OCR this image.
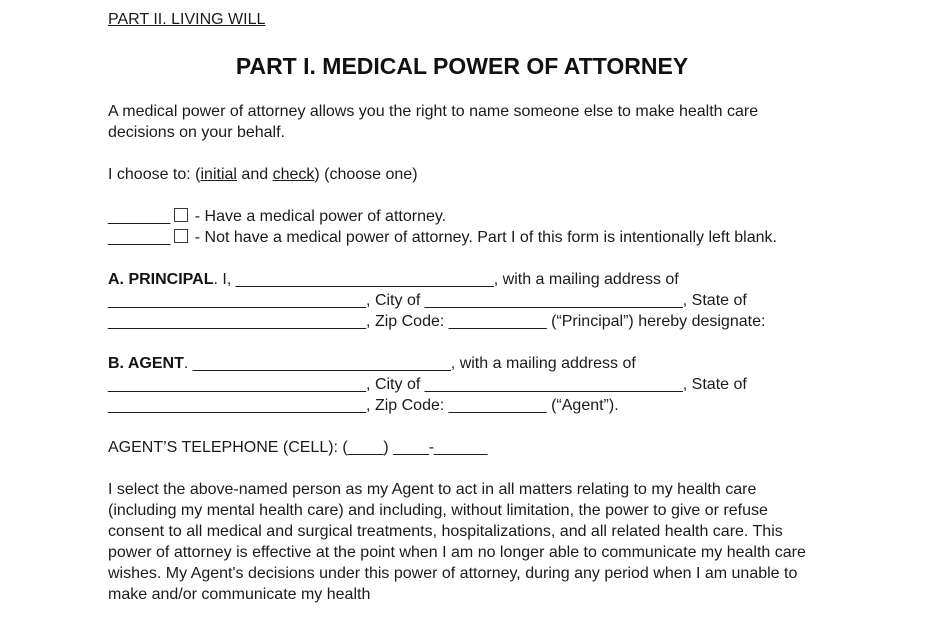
PART II. LIVING WILL

PART I. MEDICAL POWER OF ATTORNEY

A medical power of attorney allows you the right to name someone else to make health care decisions on your behalf.

I choose to: (initial and check) (choose one)

_______ - Have a medical power of attorney.
_______ - Not have a medical power of attorney. Part I of this form is intentionally left blank.

A. PRINCIPAL. I, _____________________________, with a mailing address of _____________________________, City of _____________________________, State of _____________________________, Zip Code: ___________ (“Principal”) hereby designate:

B. AGENT. _____________________________, with a mailing address of _____________________________, City of _____________________________, State of _____________________________, Zip Code: ___________ (“Agent”).

AGENT’S TELEPHONE (CELL): (____) ____-______

I select the above-named person as my Agent to act in all matters relating to my health care (including my mental health care) and including, without limitation, the power to give or refuse consent to all medical and surgical treatments, hospitalizations, and all related health care. This power of attorney is effective at the point when I am no longer able to communicate my health care wishes. My Agent's decisions under this power of attorney, during any period when I am unable to make and/or communicate my health
